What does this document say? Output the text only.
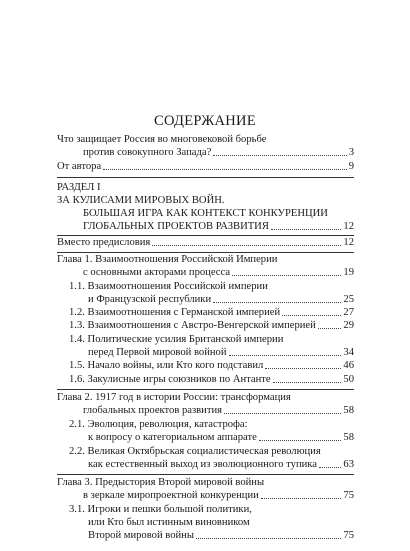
СОДЕРЖАНИЕ
Что защищает Россия во многовековой борьбе
против совокупного Запада?	3
От автора	9
РАЗДЕЛ I
ЗА КУЛИСАМИ МИРОВЫХ ВОЙН.
БОЛЬШАЯ ИГРА КАК КОНТЕКСТ КОНКУРЕНЦИИ
ГЛОБАЛЬНЫХ ПРОЕКТОВ РАЗВИТИЯ	12
Вместо предисловия	12
Глава 1. Взаимоотношения Российской Империи
с основными акторами процесса	19
1.1. Взаимоотношения Российской империи
и Французской республики	25
1.2. Взаимоотношения с Германской империей	27
1.3. Взаимоотношения с Австро-Венгерской империей	29
1.4. Политические усилия Британской империи
перед Первой мировой войной	34
1.5. Начало войны, или Кто кого подставил	46
1.6. Закулисные игры союзников по Антанте	50
Глава 2. 1917 год в истории России: трансформация
глобальных проектов развития	58
2.1. Эволюция, революция, катастрофа:
к вопросу о категориальном аппарате	58
2.2. Великая Октябрьская социалистическая революция
как естественный выход из эволюционного тупика 63
Глава 3. Предыстория Второй мировой войны
в зеркале миропроектной конкуренции	75
3.1. Игроки и пешки большой политики,
или Кто был истинным виновником
Второй мировой войны	75
